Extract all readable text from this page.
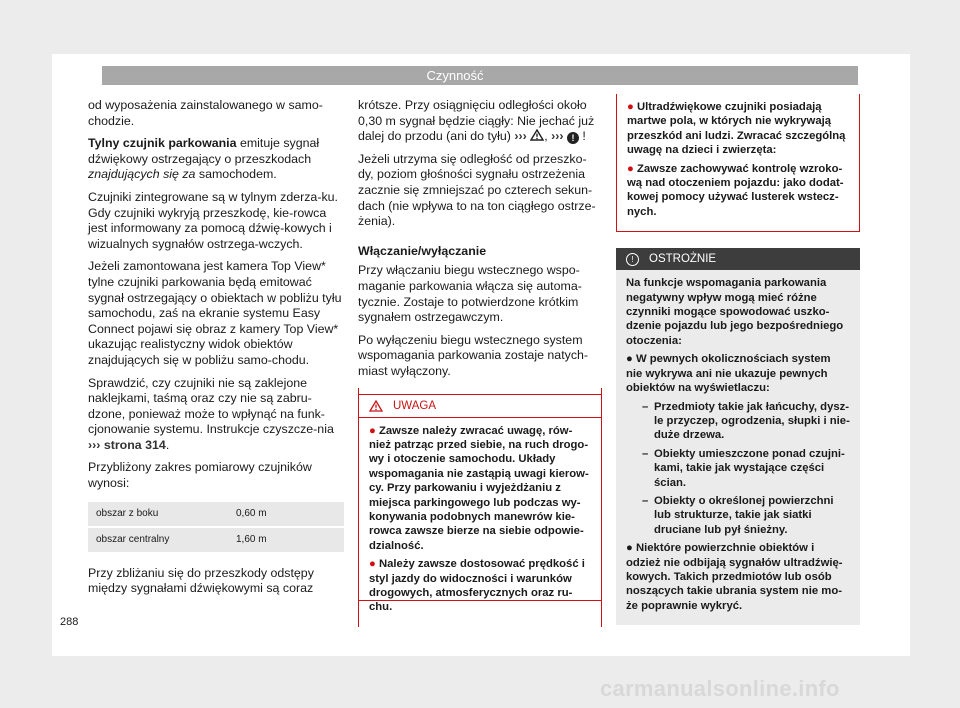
Czynność

od wyposażenia zainstalowanego w samo-chodzie.

Tylny czujnik parkowania emituje sygnał dźwiękowy ostrzegający o przeszkodach znajdujących się za samochodem.

Czujniki zintegrowane są w tylnym zderza-ku. Gdy czujniki wykryją przeszkodę, kie-rowca jest informowany za pomocą dźwię-kowych i wizualnych sygnałów ostrzega-wczych.

Jeżeli zamontowana jest kamera Top View* tylne czujniki parkowania będą emitować sygnał ostrzegający o obiektach w pobliżu tyłu samochodu, zaś na ekranie systemu Easy Connect pojawi się obraz z kamery Top View* ukazując realistyczny widok obiektów znajdujących się w pobliżu samo-chodu.

Sprawdzić, czy czujniki nie są zaklejone naklejkami, taśmą oraz czy nie są zabru-dzone, ponieważ może to wpłynąć na funk-cjonowanie systemu. Instrukcje czyszcze-nia ››› strona 314.

Przybliżony zakres pomiarowy czujników wynosi:

obszar z boku	0,60 m
obszar centralny	1,60 m

Przy zbliżaniu się do przeszkody odstępy między sygnałami dźwiękowymi są coraz

krótsze. Przy osiągnięciu odległości około 0,30 m sygnał będzie ciągły: Nie jechać już dalej do przodu (ani do tyłu) ››› , ››› ! !

Jeżeli utrzyma się odległość od przeszko-dy, poziom głośności sygnału ostrzeżenia zacznie się zmniejszać po czterech sekun-dach (nie wpływa to na ton ciągłego ostrze-żenia).

Włączanie/wyłączanie

Przy włączaniu biegu wstecznego wspo-maganie parkowania włącza się automa-tycznie. Zostaje to potwierdzone krótkim sygnałem ostrzegawczym.

Po wyłączeniu biegu wstecznego system wspomagania parkowania zostaje natych-miast wyłączony.

UWAGA

● Zawsze należy zwracać uwagę, rów-nież patrząc przed siebie, na ruch drogo-wy i otoczenie samochodu. Układy wspomagania nie zastąpią uwagi kierow-cy. Przy parkowaniu i wyjeżdżaniu z miejsca parkingowego lub podczas wy-konywania podobnych manewrów kie-rowca zawsze bierze na siebie odpowie-dzialność.

● Należy zawsze dostosować prędkość i styl jazdy do widoczności i warunków drogowych, atmosferycznych oraz ru-chu.

● Ultradźwiękowe czujniki posiadają martwe pola, w których nie wykrywają przeszkód ani ludzi. Zwracać szczególną uwagę na dzieci i zwierzęta:

● Zawsze zachowywać kontrolę wzroko-wą nad otoczeniem pojazdu: jako dodat-kowej pomocy używać lusterek wstecz-nych.

!	OSTROŻNIE

Na funkcje wspomagania parkowania negatywny wpływ mogą mieć różne czynniki mogące spowodować uszko-dzenie pojazdu lub jego bezpośredniego otoczenia:

● W pewnych okolicznościach system nie wykrywa ani nie ukazuje pewnych obiektów na wyświetlaczu:

– Przedmioty takie jak łańcuchy, dysz-le przyczep, ogrodzenia, słupki i nie-duże drzewa.
– Obiekty umieszczone ponad czujni-kami, takie jak wystające części ścian.
– Obiekty o określonej powierzchni lub strukturze, takie jak siatki druciane lub pył śnieżny.

● Niektóre powierzchnie obiektów i odzież nie odbijają sygnałów ultradźwię-kowych. Takich przedmiotów lub osób noszących takie ubrania system nie mo-że poprawnie wykryć.

288
carmanualsonline.info
